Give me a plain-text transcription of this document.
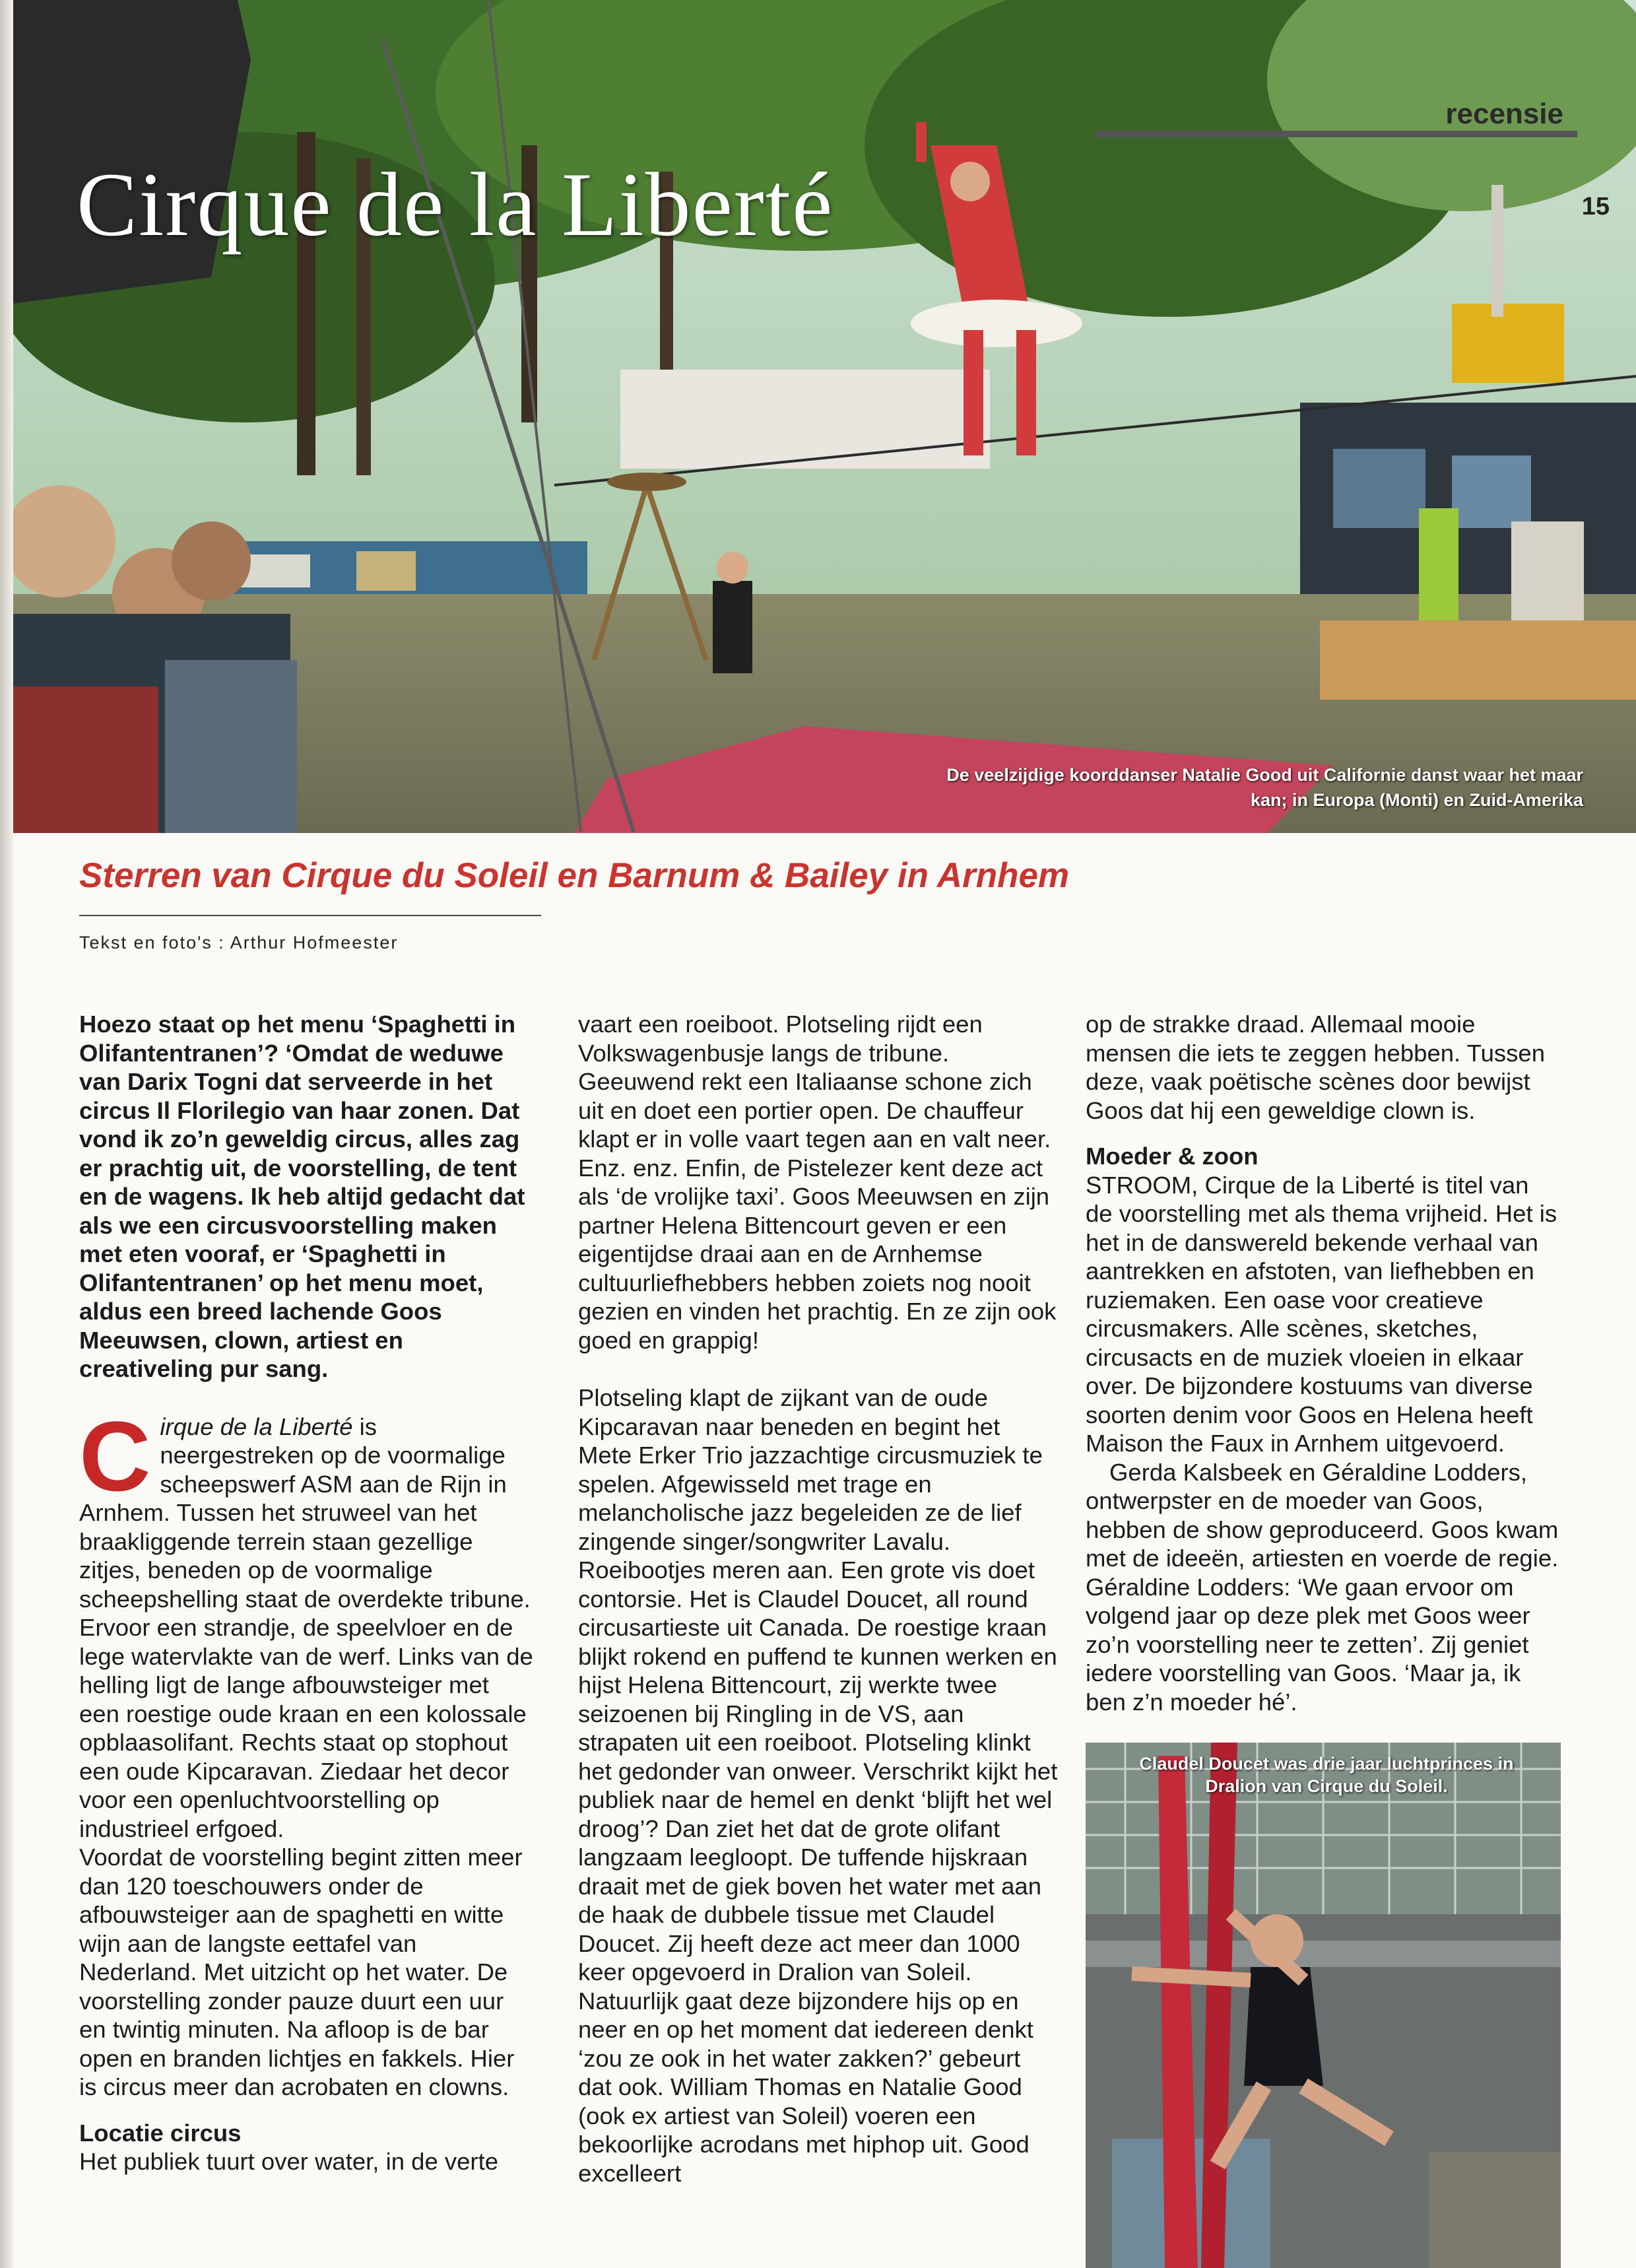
recensie
15
Cirque de la Liberté
De veelzijdige koorddanser Natalie Good uit Californie danst waar het maar kan; in Europa (Monti) en Zuid-Amerika
Sterren van Cirque du Soleil en Barnum & Bailey in Arnhem
Tekst en foto's : Arthur Hofmeester

Hoezo staat op het menu ‘Spaghetti in Olifantentranen’? ‘Omdat de weduwe van Darix Togni dat serveerde in het circus Il Florilegio van haar zonen. Dat vond ik zo’n geweldig circus, alles zag er prachtig uit, de voorstelling, de tent en de wagens. Ik heb altijd gedacht dat als we een circusvoorstelling maken met eten vooraf, er ‘Spaghetti in Olifantentranen’ op het menu moet, aldus een breed lachende Goos Meeuwsen, clown, artiest en creativeling pur sang.

Cirque de la Liberté is neergestreken op de voormalige scheepswerf ASM aan de Rijn in Arnhem. Tussen het struweel van het braakliggende terrein staan gezellige zitjes, beneden op de voormalige scheepshelling staat de overdekte tribune. Ervoor een strandje, de speelvloer en de lege watervlakte van de werf. Links van de helling ligt de lange afbouwsteiger met een roestige oude kraan en een kolossale opblaasolifant. Rechts staat op stophout een oude Kipcaravan. Ziedaar het decor voor een openluchtvoorstelling op industrieel erfgoed.

Voordat de voorstelling begint zitten meer dan 120 toeschouwers onder de afbouwsteiger aan de spaghetti en witte wijn aan de langste eettafel van Nederland. Met uitzicht op het water. De voorstelling zonder pauze duurt een uur en twintig minuten. Na afloop is de bar open en branden lichtjes en fakkels. Hier is circus meer dan acrobaten en clowns.

Locatie circus

Het publiek tuurt over water, in de verte

vaart een roeiboot. Plotseling rijdt een Volkswagenbusje langs de tribune. Geeuwend rekt een Italiaanse schone zich uit en doet een portier open. De chauffeur klapt er in volle vaart tegen aan en valt neer. Enz. enz. Enfin, de Pistelezer kent deze act als ‘de vrolijke taxi’. Goos Meeuwsen en zijn partner Helena Bittencourt geven er een eigentijdse draai aan en de Arnhemse cultuurliefhebbers hebben zoiets nog nooit gezien en vinden het prachtig. En ze zijn ook goed en grappig!

Plotseling klapt de zijkant van de oude Kipcaravan naar beneden en begint het Mete Erker Trio jazzachtige circusmuziek te spelen. Afgewisseld met trage en melancholische jazz begeleiden ze de lief zingende singer/songwriter Lavalu. Roeibootjes meren aan. Een grote vis doet contorsie. Het is Claudel Doucet, all round circusartieste uit Canada. De roestige kraan blijkt rokend en puffend te kunnen werken en hijst Helena Bittencourt, zij werkte twee seizoenen bij Ringling in de VS, aan strapaten uit een roeiboot. Plotseling klinkt het gedonder van onweer. Verschrikt kijkt het publiek naar de hemel en denkt ‘blijft het wel droog’? Dan ziet het dat de grote olifant langzaam leegloopt. De tuffende hijskraan draait met de giek boven het water met aan de haak de dubbele tissue met Claudel Doucet. Zij heeft deze act meer dan 1000 keer opgevoerd in Dralion van Soleil. Natuurlijk gaat deze bijzondere hijs op en neer en op het moment dat iedereen denkt ‘zou ze ook in het water zakken?’ gebeurt dat ook. William Thomas en Natalie Good (ook ex artiest van Soleil) voeren een bekoorlijke acrodans met hiphop uit. Good excelleert

op de strakke draad. Allemaal mooie mensen die iets te zeggen hebben. Tussen deze, vaak poëtische scènes door bewijst Goos dat hij een geweldige clown is.

Moeder & zoon

STROOM, Cirque de la Liberté is titel van de voorstelling met als thema vrijheid. Het is het in de danswereld bekende verhaal van aantrekken en afstoten, van liefhebben en ruziemaken. Een oase voor creatieve circusmakers. Alle scènes, sketches, circusacts en de muziek vloeien in elkaar over. De bijzondere kostuums van diverse soorten denim voor Goos en Helena heeft Maison the Faux in Arnhem uitgevoerd.

Gerda Kalsbeek en Géraldine Lodders, ontwerpster en de moeder van Goos, hebben de show geproduceerd. Goos kwam met de ideeën, artiesten en voerde de regie. Géraldine Lodders: ‘We gaan ervoor om volgend jaar op deze plek met Goos weer zo’n voorstelling neer te zetten’. Zij geniet iedere voorstelling van Goos. ‘Maar ja, ik ben z’n moeder hé’.

Claudel Doucet was drie jaar luchtprinces in Dralion van Cirque du Soleil.
